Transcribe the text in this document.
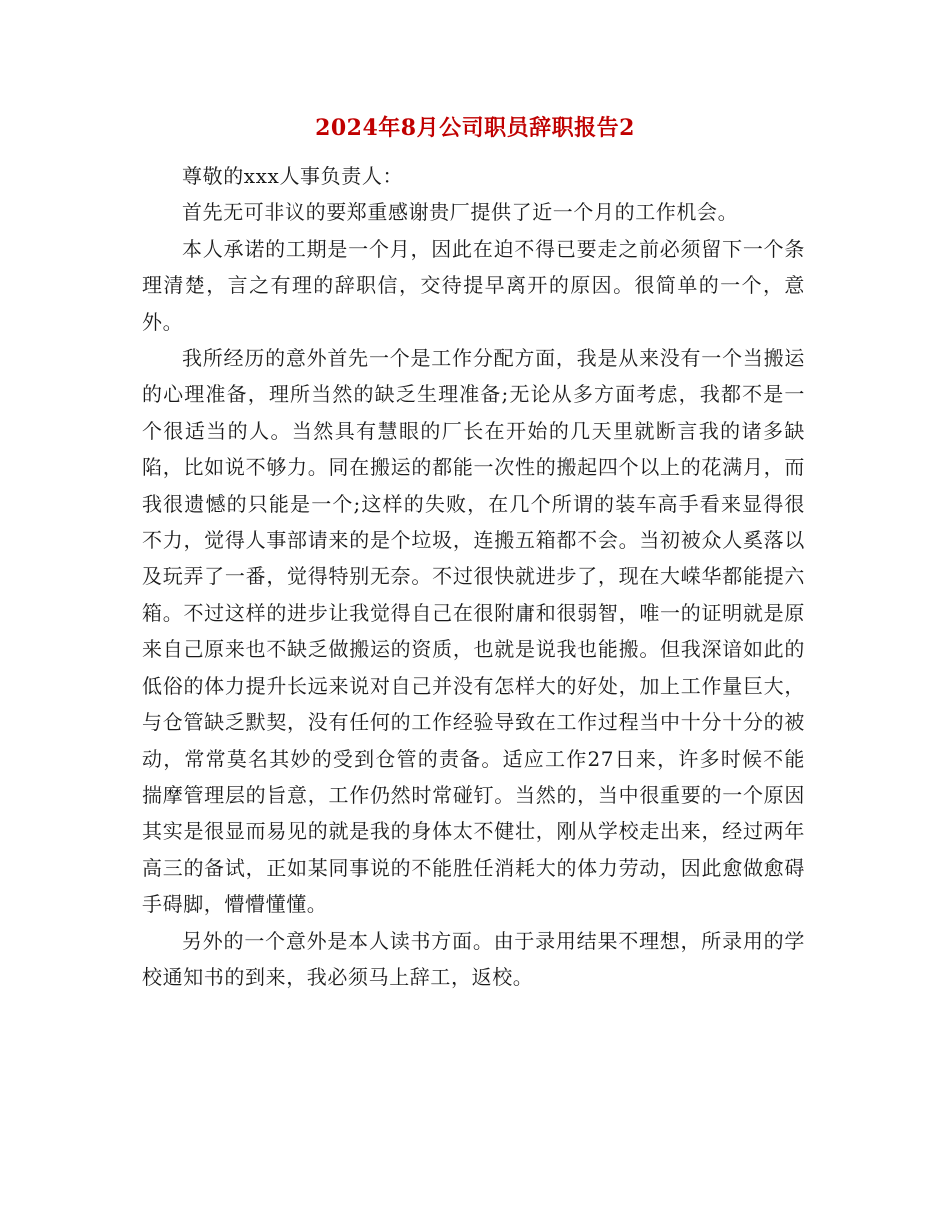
2024年8月公司职员辞职报告2

尊敬的xxx人事负责人：

首先无可非议的要郑重感谢贵厂提供了近一个月的工作机会。

本人承诺的工期是一个月，因此在迫不得已要走之前必须留下一个条理清楚，言之有理的辞职信，交待提早离开的原因。很简单的一个，意外。

我所经历的意外首先一个是工作分配方面，我是从来没有一个当搬运的心理准备，理所当然的缺乏生理准备;无论从多方面考虑，我都不是一个很适当的人。当然具有慧眼的厂长在开始的几天里就断言我的诸多缺陷，比如说不够力。同在搬运的都能一次性的搬起四个以上的花满月，而我很遗憾的只能是一个;这样的失败，在几个所谓的装车高手看来显得很不力，觉得人事部请来的是个垃圾，连搬五箱都不会。当初被众人奚落以及玩弄了一番，觉得特别无奈。不过很快就进步了，现在大嵘华都能提六箱。不过这样的进步让我觉得自己在很附庸和很弱智，唯一的证明就是原来自己原来也不缺乏做搬运的资质，也就是说我也能搬。但我深谙如此的低俗的体力提升长远来说对自己并没有怎样大的好处，加上工作量巨大，与仓管缺乏默契，没有任何的工作经验导致在工作过程当中十分十分的被动，常常莫名其妙的受到仓管的责备。适应工作27日来，许多时候不能揣摩管理层的旨意，工作仍然时常碰钉。当然的，当中很重要的一个原因其实是很显而易见的就是我的身体太不健壮，刚从学校走出来，经过两年高三的备试，正如某同事说的不能胜任消耗大的体力劳动，因此愈做愈碍手碍脚，懵懵懂懂。

另外的一个意外是本人读书方面。由于录用结果不理想，所录用的学校通知书的到来，我必须马上辞工，返校。
